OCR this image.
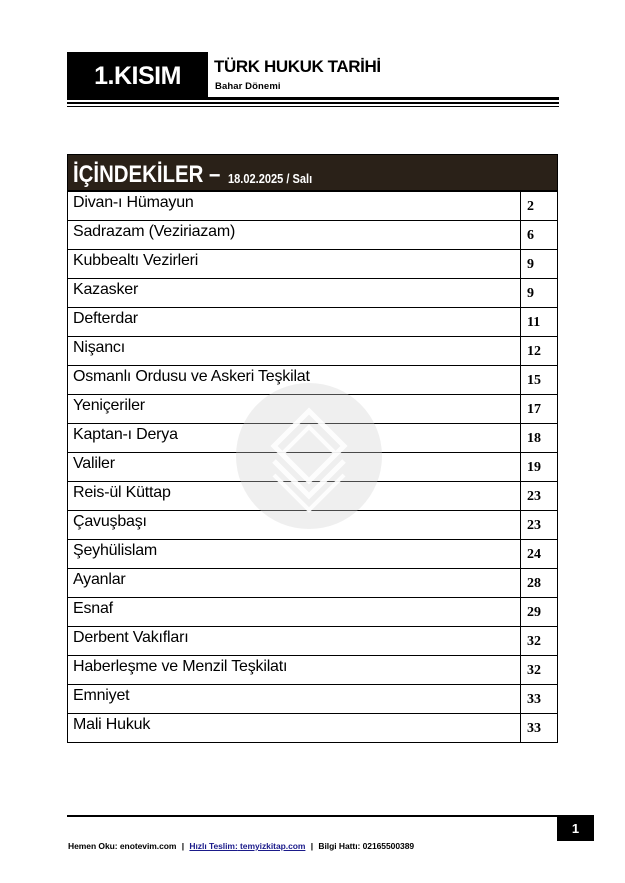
1.KISIM	TÜRK HUKUK TARİHİ
Bahar Dönemi
İÇİNDEKİLER – 18.02.2025 / Salı
Divan-ı Hümayun	2
Sadrazam (Veziriazam)	6
Kubbealtı Vezirleri	9
Kazasker	9
Defterdar	11
Nişancı	12
Osmanlı Ordusu ve Askeri Teşkilat	15
Yeniçeriler	17
Kaptan-ı Derya	18
Valiler	19
Reis-ül Küttap	23
Çavuşbaşı	23
Şeyhülislam	24
Ayanlar	28
Esnaf	29
Derbent Vakıfları	32
Haberleşme ve Menzil Teşkilatı	32
Emniyet	33
Mali Hukuk	33
1
Hemen Oku: enotevim.com | Hızlı Teslim: temyizkitap.com | Bilgi Hattı: 02165500389
